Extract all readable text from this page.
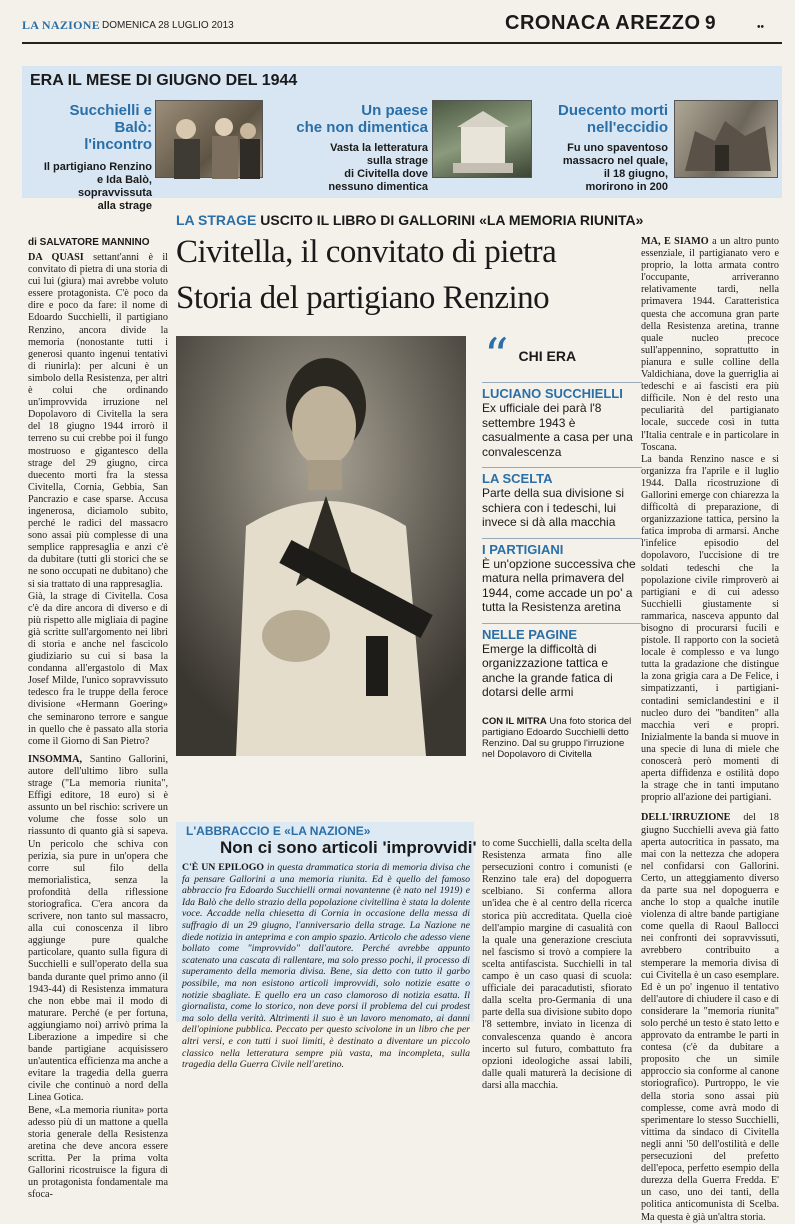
LA NAZIONE DOMENICA 28 LUGLIO 2013	CRONACA AREZZO 9	••
ERA IL MESE DI GIUGNO DEL 1944
Succhielli e Balò:
l'incontro
Il partigiano Renzino
e Ida Balò,
sopravvissuta
alla strage
Un paese
che non dimentica
Vasta la letteratura
sulla strage
di Civitella dove
nessuno dimentica
Duecento morti
nell'eccidio
Fu uno spaventoso
massacro nel quale,
il 18 giugno,
morirono in 200
di SALVATORE MANNINO
LA STRAGE USCITO IL LIBRO DI GALLORINI «LA MEMORIA RIUNITA»
Civitella, il convitato di pietra
Storia del partigiano Renzino

DA QUASI settant'anni è il convitato di pietra di una storia di cui lui (giura) mai avrebbe voluto essere protagonista. C'è poco da dire e poco da fare: il nome di Edoardo Succhielli, il partigiano Renzino, ancora divide la memoria (nonostante tutti i generosi quanto ingenui tentativi di riunirla): per alcuni è un simbolo della Resistenza, per altri è colui che ordinando un'improvvida irruzione nel Dopolavoro di Civitella la sera del 18 giugno 1944 irrorò il terreno su cui crebbe poi il fungo mostruoso e gigantesco della strage del 29 giugno, circa duecento morti fra la stessa Civitella, Cornia, Gebbia, San Pancrazio e case sparse. Accusa ingenerosa, diciamolo subito, perché le radici del massacro sono assai più complesse di una semplice rappresaglia e anzi c'è da dubitare (tutti gli storici che se ne sono occupati ne dubitano) che si sia trattato di una rappresaglia.

Già, la strage di Civitella. Cosa c'è da dire ancora di diverso e di più rispetto alle migliaia di pagine già scritte sull'argomento nei libri di storia e anche nel fascicolo giudiziario su cui si basa la condanna all'ergastolo di Max Josef Milde, l'unico sopravvissuto tedesco fra le truppe della feroce divisione «Hermann Goering» che seminarono terrore e sangue in quello che è passato alla storia come il Giorno di San Pietro?

INSOMMA, Santino Gallorini, autore dell'ultimo libro sulla strage ("La memoria riunita", Effigi editore, 18 euro) si è assunto un bel rischio: scrivere un volume che fosse solo un riassunto di quanto già si sapeva. Un pericolo che schiva con perizia, sia pure in un'opera che corre sul filo della memorialistica, senza la profondità della riflessione storiografica. C'era ancora da scrivere, non tanto sul massacro, alla cui conoscenza il libro aggiunge pure qualche particolare, quanto sulla figura di Succhielli e sull'operato della sua banda durante quel primo anno (il 1943-44) di Resistenza immatura che non ebbe mai il modo di maturare. Perché (e per fortuna, aggiungiamo noi) arrivò prima la Liberazione a impedire si che bande partigiane acquisissero un'autentica efficienza ma anche a evitare la tragedia della guerra civile che continuò a nord della Linea Gotica.

Bene, «La memoria riunita» porta adesso più di un mattone a quella storia generale della Resistenza aretina che deve ancora essere scritta. Per la prima volta Gallorini ricostruisce la figura di un protagonista fondamentale ma sfoca-

“ CHI ERA
LUCIANO SUCCHIELLI
Ex ufficiale dei parà l'8 settembre 1943 è casualmente a casa per una convalescenza
LA SCELTA
Parte della sua divisione si schiera con i tedeschi, lui invece si dà alla macchia
I PARTIGIANI
È un'opzione successiva che matura nella primavera del 1944, come accade un po' a tutta la Resistenza aretina
NELLE PAGINE
Emerge la difficoltà di organizzazione tattica e anche la grande fatica di dotarsi delle armi
CON IL MITRA Una foto storica del partigiano Edoardo Succhielli detto Renzino. Dal su gruppo l'irruzione nel Dopolavoro di Civitella
L'ABBRACCIO E «LA NAZIONE»
Non ci sono articoli 'improvvidi'
C'È UN EPILOGO in questa drammatica storia di memoria divisa che fa pensare Gallorini a una memoria riunita. Ed è quello del famoso abbraccio fra Edoardo Succhielli ormai novantenne (è nato nel 1919) e Ida Balò che dello strazio della popolazione civitellina è stata la dolente voce. Accadde nella chiesetta di Cornia in occasione della messa di suffragio di un 29 giugno, l'anniversario della strage. La Nazione ne diede notizia in anteprima e con ampio spazio. Articolo che adesso viene bollato come "improvvido" dall'autore. Perché avrebbe appunto scatenato una cascata di rallentare, ma solo presso pochi, il processo di superamento della memoria divisa. Bene, sia detto con tutto il garbo possibile, ma non esistono articoli improvvidi, solo notizie esatte o notizie sbagliate. E quello era un caso clamoroso di notizia esatta. Il giornalista, come lo storico, non deve porsi il problema del cui prodest ma solo della verità. Altrimenti il suo è un lavoro menomato, ai danni dell'opinione pubblica. Peccato per questo scivolone in un libro che per altri versi, e con tutti i suoi limiti, è destinato a diventare un piccolo classico nella letteratura sempre più vasta, ma incompleta, sulla tragedia della Guerra Civile nell'aretino.

to come Succhielli, dalla scelta della Resistenza armata fino alle persecuzioni contro i comunisti (e Renzino tale era) del dopoguerra scelbiano. Si conferma allora un'idea che è al centro della ricerca storica più accreditata. Quella cioè dell'ampio margine di casualità con la quale una generazione cresciuta nel fascismo si trovò a compiere la scelta antifascista. Succhielli in tal campo è un caso quasi di scuola: ufficiale dei paracadutisti, sfiorato dalla scelta pro-Germania di una parte della sua divisione subito dopo l'8 settembre, inviato in licenza di convalescenza quando è ancora incerto sul futuro, combattuto fra opzioni ideologiche assai labili, dalle quali maturerà la decisione di darsi alla macchia.

MA, E SIAMO a un altro punto essenziale, il partigianato vero e proprio, la lotta armata contro l'occupante, arriveranno relativamente tardi, nella primavera 1944. Caratteristica questa che accomuna gran parte della Resistenza aretina, tranne quale nucleo precoce sull'appennino, soprattutto in pianura e sulle colline della Valdichiana, dove la guerriglia ai tedeschi e ai fascisti era più difficile. Non è del resto una peculiarità del partigianato locale, succede così in tutta l'Italia centrale e in particolare in Toscana.

La banda Renzino nasce e si organizza fra l'aprile e il luglio 1944. Dalla ricostruzione di Gallorini emerge con chiarezza la difficoltà di preparazione, di organizzazione tattica, persino la fatica improba di armarsi. Anche l'infelice episodio del dopolavoro, l'uccisione di tre soldati tedeschi che la popolazione civile rimproverò ai partigiani e di cui adesso Succhielli giustamente si rammarica, nasceva appunto dal bisogno di procurarsi fucili e pistole. Il rapporto con la società locale è complesso e va lungo tutta la gradazione che distingue la zona grigia cara a De Felice, i simpatizzanti, i partigiani-contadini semiclandestini e il nucleo duro dei "banditen" alla macchia veri e propri. Inizialmente la banda si muove in una specie di luna di miele che conoscerà però momenti di aperta diffidenza e ostilità dopo la strage che in tanti imputano proprio all'azione dei partigiani.

DELL'IRRUZIONE del 18 giugno Succhielli aveva già fatto aperta autocritica in passato, ma mai con la nettezza che adopera nel confidarsi con Gallorini. Certo, un atteggiamento diverso da parte sua nel dopoguerra e anche lo stop a qualche inutile violenza di altre bande partigiane come quella di Raoul Ballocci nei confronti dei sopravvissuti, avrebbero contribuito a stemperare la memoria divisa di cui Civitella è un caso esemplare. Ed è un po' ingenuo il tentativo dell'autore di chiudere il caso e di considerare la "memoria riunita" solo perché un testo è stato letto e approvato da entrambe le parti in contesa (c'è da dubitare a proposito che un simile approccio sia conforme al canone storiografico). Purtroppo, le vie della storia sono assai più complesse, come avrà modo di sperimentare lo stesso Succhielli, vittima da sindaco di Civitella negli anni '50 dell'ostilità e delle persecuzioni del prefetto dell'epoca, perfetto esempio della durezza della Guerra Fredda. E' un caso, uno dei tanti, della politica anticomunista di Scelba. Ma questa è già un'altra storia.
